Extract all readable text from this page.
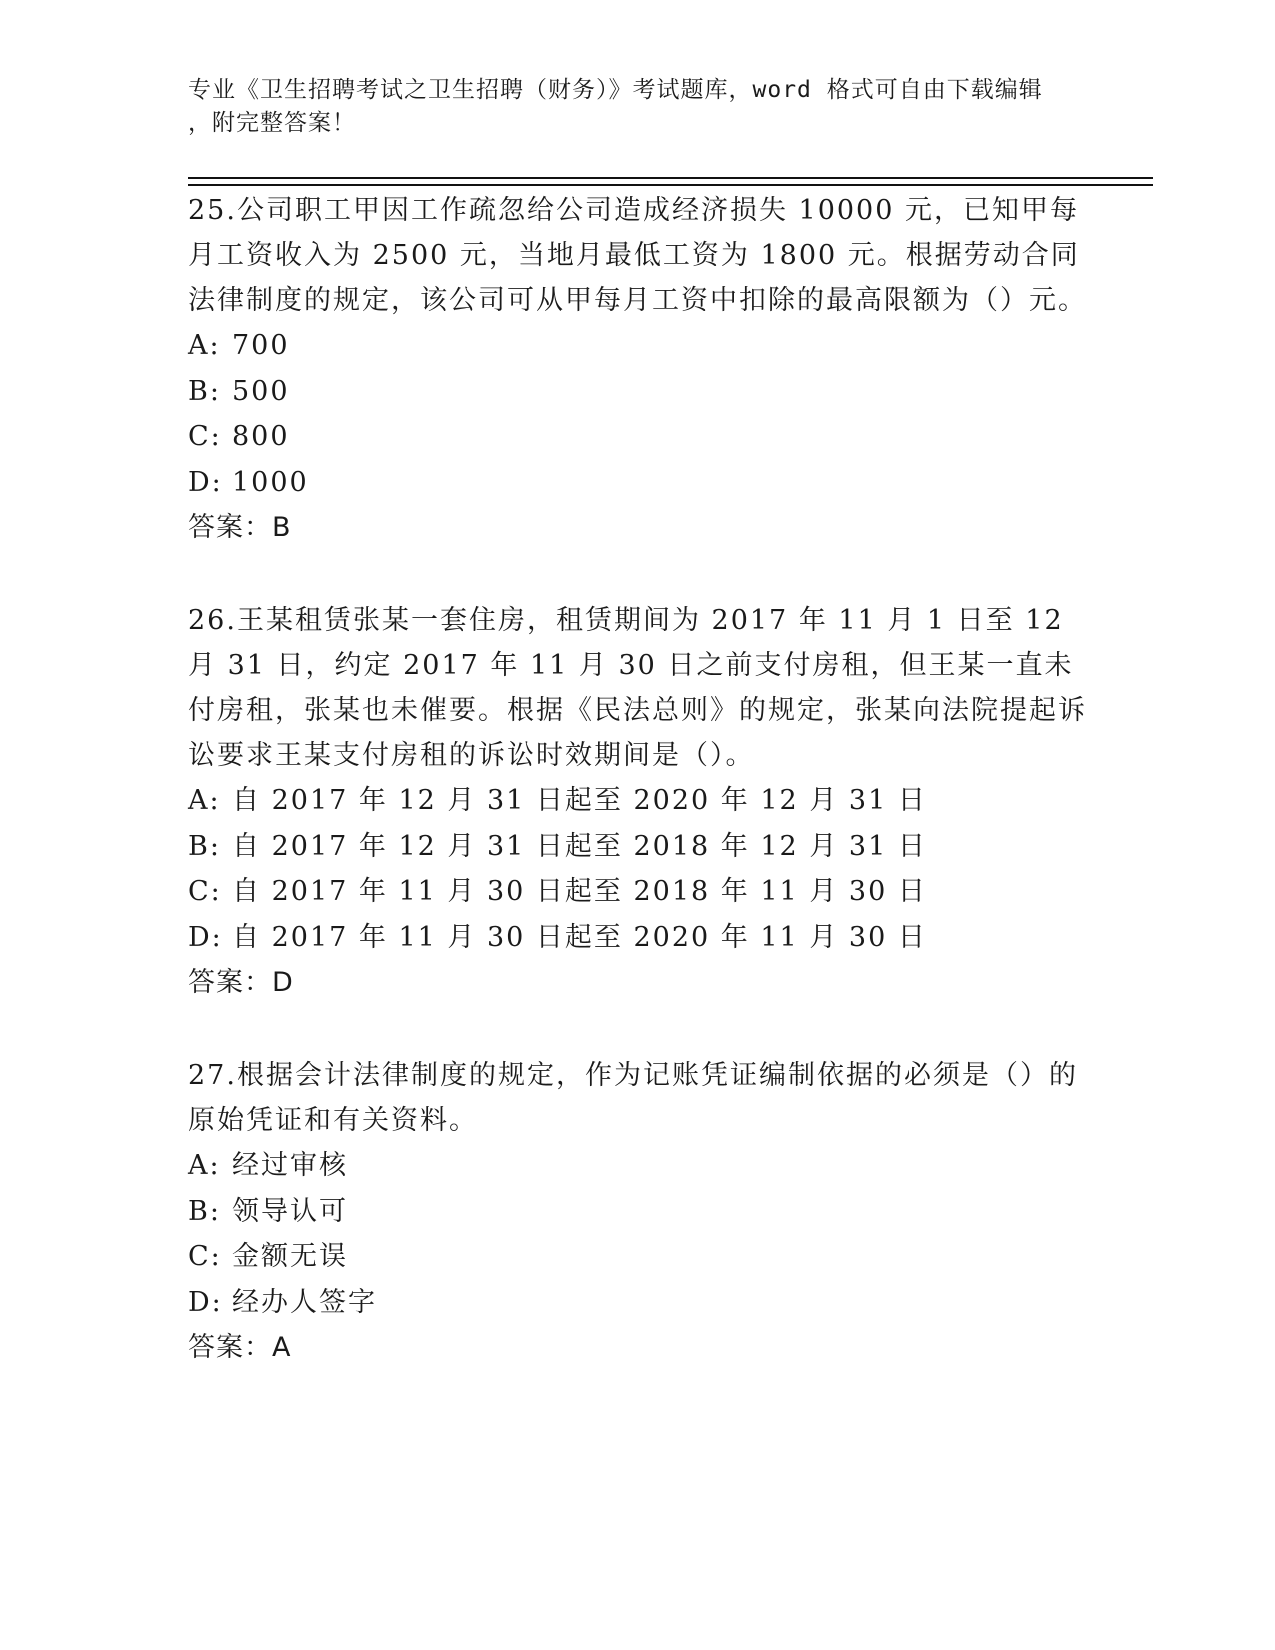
专业《卫生招聘考试之卫生招聘（财务）》考试题库，word 格式可自由下载编辑
，附完整答案！

25.公司职工甲因工作疏忽给公司造成经济损失 10000 元，已知甲每月工资收入为 2500 元，当地月最低工资为 1800 元。根据劳动合同法律制度的规定，该公司可从甲每月工资中扣除的最高限额为（）元。

A: 700
B: 500
C: 800
D: 1000
答案：B

26.王某租赁张某一套住房，租赁期间为 2017 年 11 月 1 日至 12 月 31 日，约定 2017 年 11 月 30 日之前支付房租，但王某一直未付房租，张某也未催要。根据《民法总则》的规定，张某向法院提起诉讼要求王某支付房租的诉讼时效期间是（）。

A: 自 2017 年 12 月 31 日起至 2020 年 12 月 31 日
B: 自 2017 年 12 月 31 日起至 2018 年 12 月 31 日
C: 自 2017 年 11 月 30 日起至 2018 年 11 月 30 日
D: 自 2017 年 11 月 30 日起至 2020 年 11 月 30 日
答案：D

27.根据会计法律制度的规定，作为记账凭证编制依据的必须是（）的原始凭证和有关资料。

A: 经过审核
B: 领导认可
C: 金额无误
D: 经办人签字
答案：A
